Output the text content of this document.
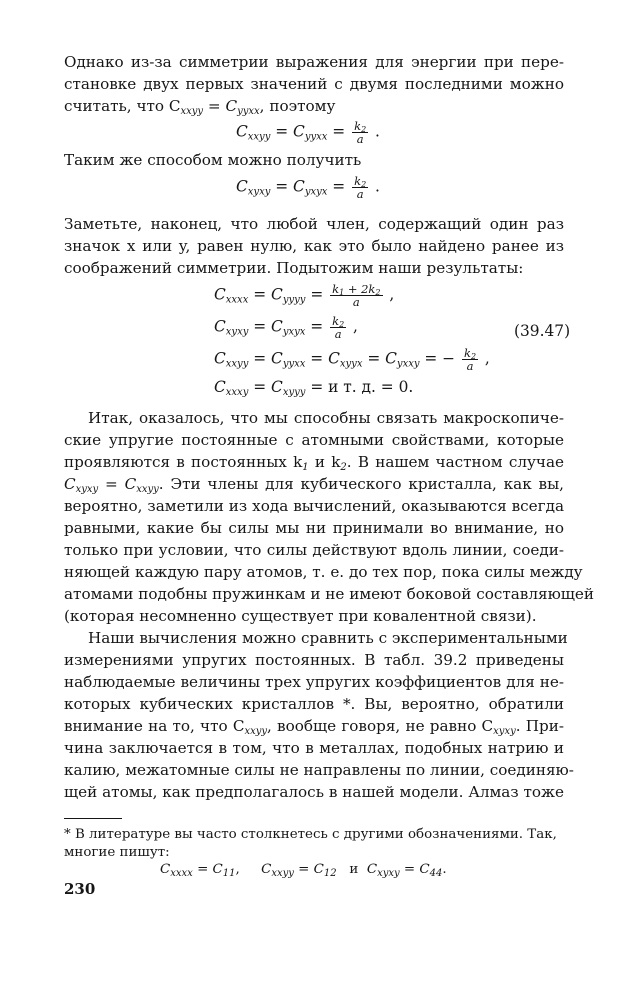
Однако из-за симметрии выражения для энергии при пере-
становке двух первых значений с двумя последними можно
считать, что $C_{xxyy} = C_{yyxx}$, поэтому
$C_{xxyy} = C_{yyxx} = \frac{k_2}{a}$ .
Таким же способом можно получить
$C_{xyxy} = C_{yxyx} = \frac{k_2}{a}$ .
Заметьте, наконец, что любой член, содержащий один раз
значок x или y, равен нулю, как это было найдено ранее из
соображений симметрии. Подытожим наши результаты:
$C_{xxxx} = C_{yyyy} = \frac{k_1 + 2k_2}{a}$ ,
$C_{xyxy} = C_{yxyx} = \frac{k_2}{a}$ ,
$C_{xxyy} = C_{yyxx} = C_{xyyx} = C_{yxxy}$ = − $\frac{k_2}{a}$ ,
$C_{xxxy} = C_{xyyy} = и$ т. д. = 0.
(39.47)
Итак, оказалось, что мы способны связать макроскопиче-
ские упругие постоянные с атомными свойствами, которые
проявляются в постоянных $k_1$ и $k_2$. В нашем частном случае
$C_{xyxy} = C_{xxyy}$. Эти члены для кубического кристалла, как вы,
вероятно, заметили из хода вычислений, оказываются всегда
равными, какие бы силы мы ни принимали во внимание, но
только при условии, что силы действуют вдоль линии, соеди-
няющей каждую пару атомов, т. е. до тех пор, пока силы между
атомами подобны пружинкам и не имеют боковой составляющей
(которая несомненно существует при ковалентной связи).
Наши вычисления можно сравнить с экспериментальными
измерениями упругих постоянных. В табл. 39.2 приведены
наблюдаемые величины трех упругих коэффициентов для не-
которых кубических кристаллов *. Вы, вероятно, обратили
внимание на то, что $C_{xxyy}$, вообще говоря, не равно $C_{xyxy}$. При-
чина заключается в том, что в металлах, подобных натрию и
калию, межатомные силы не направлены по линии, соединяю-
щей атомы, как предполагалось в нашей модели. Алмаз тоже
* В литературе вы часто столкнетесь с другими обозначениями. Так,
многие пишут:
$C_{xxxx} = C_{11}$,     $C_{xxyy} = C_{12}$   и  $C_{xyxy} = C_{44}$.
230
